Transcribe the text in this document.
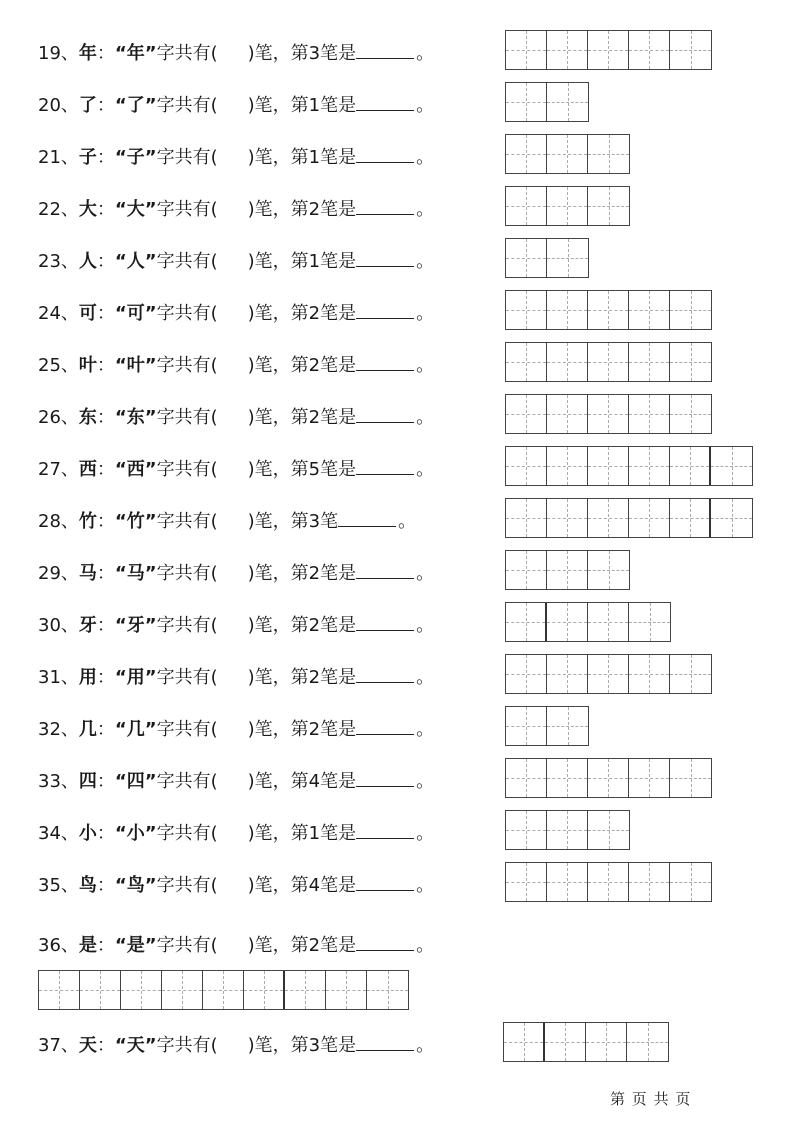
19、年：“年”字共有( )笔，第3笔是	。
20、了：“了”字共有( )笔，第1笔是	。
21、子：“子”字共有( )笔，第1笔是	。
22、大：“大”字共有( )笔，第2笔是	。
23、人：“人”字共有( )笔，第1笔是	。
24、可：“可”字共有( )笔，第2笔是	。
25、叶：“叶”字共有( )笔，第2笔是	。
26、东：“东”字共有( )笔，第2笔是	。
27、西：“西”字共有( )笔，第5笔是	。
28、竹：“竹”字共有( )笔，第3笔	。
29、马：“马”字共有( )笔，第2笔是	。
30、牙：“牙”字共有( )笔，第2笔是	。
31、用：“用”字共有( )笔，第2笔是	。
32、几：“几”字共有( )笔，第2笔是	。
33、四：“四”字共有( )笔，第4笔是	。
34、小：“小”字共有( )笔，第1笔是	。
35、鸟：“鸟”字共有( )笔，第4笔是	。
36、是：“是”字共有( )笔，第2笔是	。
37、天：“天”字共有( )笔，第3笔是	。
第 页 共 页
